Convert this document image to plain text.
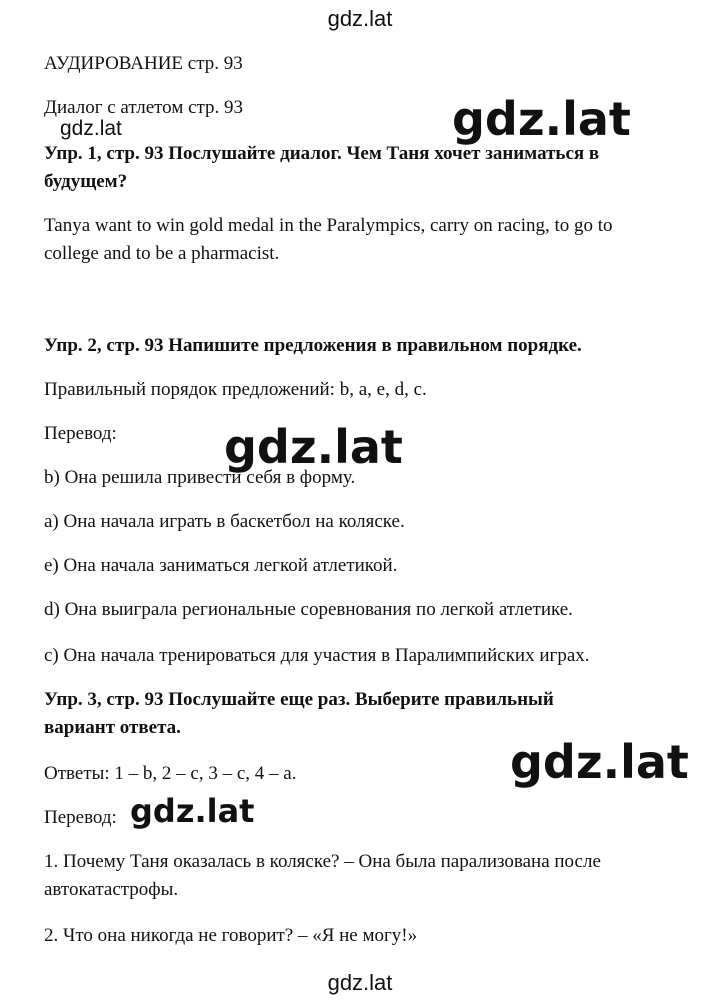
gdz.lat
АУДИРОВАНИЕ стр. 93
Диалог с атлетом стр. 93
Упр. 1, стр. 93 Послушайте диалог. Чем Таня хочет заниматься в
будущем?
Tanya want to win gold medal in the Paralympics, carry on racing, to go to
college and to be a pharmacist.
Упр. 2, стр. 93 Напишите предложения в правильном порядке.
Правильный порядок предложений: b, a, e, d, c.
Перевод:
b) Она решила привести себя в форму.
a) Она начала играть в баскетбол на коляске.
e) Она начала заниматься легкой атлетикой.
d) Она выиграла региональные соревнования по легкой атлетике.
c) Она начала тренироваться для участия в Паралимпийских играх.
Упр. 3, стр. 93 Послушайте еще раз. Выберите правильный
вариант ответа.
Ответы: 1 – b, 2 – c, 3 – c, 4 – a.
Перевод:
1. Почему Таня оказалась в коляске? – Она была парализована после
автокатастрофы.
2. Что она никогда не говорит? – «Я не могу!»
gdz.lat	gdz.lat
gdz.lat
gdz.lat
gdz.lat
gdz.lat
